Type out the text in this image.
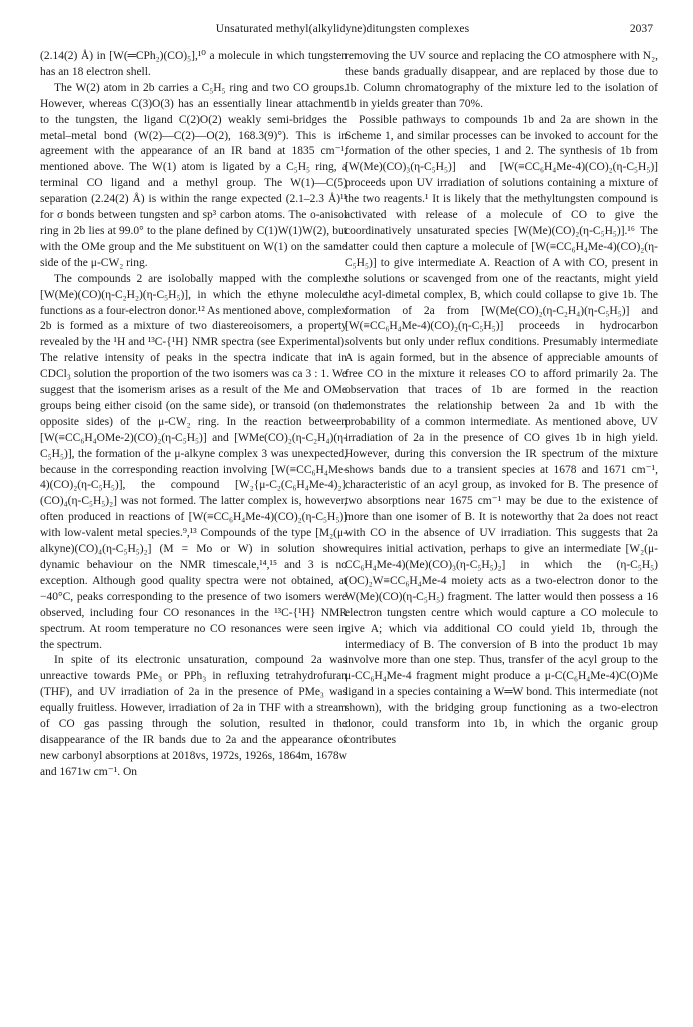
Unsaturated methyl(alkylidyne)ditungsten complexes	2037

(2.14(2) Å) in [W(═CPh₂)(CO)₅],¹⁰ a molecule in which tungsten has an 18 electron shell.

The W(2) atom in 2b carries a C₅H₅ ring and two CO groups. However, whereas C(3)O(3) has an essentially linear attachment to the tungsten, the ligand C(2)O(2) weakly semi-bridges the metal–metal bond (W(2)—C(2)—O(2), 168.3(9)°). This is in agreement with the appearance of an IR band at 1835 cm⁻¹, mentioned above. The W(1) atom is ligated by a C₅H₅ ring, a terminal CO ligand and a methyl group. The W(1)—C(5) separation (2.24(2) Å) is within the range expected (2.1–2.3 Å)¹¹ for σ bonds between tungsten and sp³ carbon atoms. The o-anisol ring in 2b lies at 99.0° to the plane defined by C(1)W(1)W(2), but with the OMe group and the Me substituent on W(1) on the same side of the μ-CW₂ ring.

The compounds 2 are isolobally mapped with the complex [W(Me)(CO)(η-C₂H₂)(η-C₅H₅)], in which the ethyne molecule functions as a four-electron donor.¹² As mentioned above, complex 2b is formed as a mixture of two diastereoisomers, a property revealed by the ¹H and ¹³C-{¹H} NMR spectra (see Experimental). The relative intensity of peaks in the spectra indicate that in CDCl₃ solution the proportion of the two isomers was ca 3 : 1. We suggest that the isomerism arises as a result of the Me and OMe groups being either cisoid (on the same side), or transoid (on the opposite sides) of the μ-CW₂ ring. In the reaction between [W(≡CC₆H₄OMe-2)(CO)₂(η-C₅H₅)] and [WMe(CO)₂(η-C₂H₄)(η-C₅H₅)], the formation of the μ-alkyne complex 3 was unexpected, because in the corresponding reaction involving [W(≡CC₆H₄Me-4)(CO)₂(η-C₅H₅)], the compound [W₂{μ-C₂(C₆H₄Me-4)₂}(CO)₄(η-C₅H₅)₂] was not formed. The latter complex is, however, often produced in reactions of [W(≡CC₆H₄Me-4)(CO)₂(η-C₅H₅)] with low-valent metal species.⁹,¹³ Compounds of the type [M₂(μ-alkyne)(CO)₄(η-C₅H₅)₂] (M = Mo or W) in solution show dynamic behaviour on the NMR timescale,¹⁴,¹⁵ and 3 is no exception. Although good quality spectra were not obtained, at −40°C, peaks corresponding to the presence of two isomers were observed, including four CO resonances in the ¹³C-{¹H} NMR spectrum. At room temperature no CO resonances were seen in the spectrum.

In spite of its electronic unsaturation, compound 2a was unreactive towards PMe₃ or PPh₃ in refluxing tetrahydrofuran (THF), and UV irradiation of 2a in the presence of PMe₃ was equally fruitless. However, irradiation of 2a in THF with a stream of CO gas passing through the solution, resulted in the disappearance of the IR bands due to 2a and the appearance of new carbonyl absorptions at 2018vs, 1972s, 1926s, 1864m, 1678w and 1671w cm⁻¹. On

removing the UV source and replacing the CO atmosphere with N₂, these bands gradually disappear, and are replaced by those due to 1b. Column chromatography of the mixture led to the isolation of 1b in yields greater than 70%.

Possible pathways to compounds 1b and 2a are shown in the Scheme 1, and similar processes can be invoked to account for the formation of the other species, 1 and 2. The synthesis of 1b from [W(Me)(CO)₃(η-C₅H₅)] and [W(≡CC₆H₄Me-4)(CO)₂(η-C₅H₅)] proceeds upon UV irradiation of solutions containing a mixture of the two reagents.¹ It is likely that the methyltungsten compound is activated with release of a molecule of CO to give the coordinatively unsaturated species [W(Me)(CO)₂(η-C₅H₅)].¹⁶ The latter could then capture a molecule of [W(≡CC₆H₄Me-4)(CO)₂(η-C₅H₅)] to give intermediate A. Reaction of A with CO, present in the solutions or scavenged from one of the reactants, might yield the acyl-dimetal complex, B, which could collapse to give 1b. The formation of 2a from [W(Me(CO)₂(η-C₂H₄)(η-C₅H₅)] and [W(≡CC₆H₄Me-4)(CO)₂(η-C₅H₅)] proceeds in hydrocarbon solvents but only under reflux conditions. Presumably intermediate A is again formed, but in the absence of appreciable amounts of free CO in the mixture it releases CO to afford primarily 2a. The observation that traces of 1b are formed in the reaction demonstrates the relationship between 2a and 1b with the probability of a common intermediate. As mentioned above, UV irradiation of 2a in the presence of CO gives 1b in high yield. However, during this conversion the IR spectrum of the mixture shows bands due to a transient species at 1678 and 1671 cm⁻¹, characteristic of an acyl group, as invoked for B. The presence of two absorptions near 1675 cm⁻¹ may be due to the existence of more than one isomer of B. It is noteworthy that 2a does not react with CO in the absence of UV irradiation. This suggests that 2a requires initial activation, perhaps to give an intermediate [W₂(μ-CC₆H₄Me-4)(Me)(CO)₃(η-C₅H₅)₂] in which the (η-C₅H₅)(OC)₂W≡CC₆H₄Me-4 moiety acts as a two-electron donor to the W(Me)(CO)(η-C₅H₅) fragment. The latter would then possess a 16 electron tungsten centre which would capture a CO molecule to give A; which via additional CO could yield 1b, through the intermediacy of B. The conversion of B into the product 1b may involve more than one step. Thus, transfer of the acyl group to the μ-CC₆H₄Me-4 fragment might produce a μ-C(C₆H₄Me-4)C(O)Me ligand in a species containing a W═W bond. This intermediate (not shown), with the bridging group functioning as a two-electron donor, could transform into 1b, in which the organic group contributes
